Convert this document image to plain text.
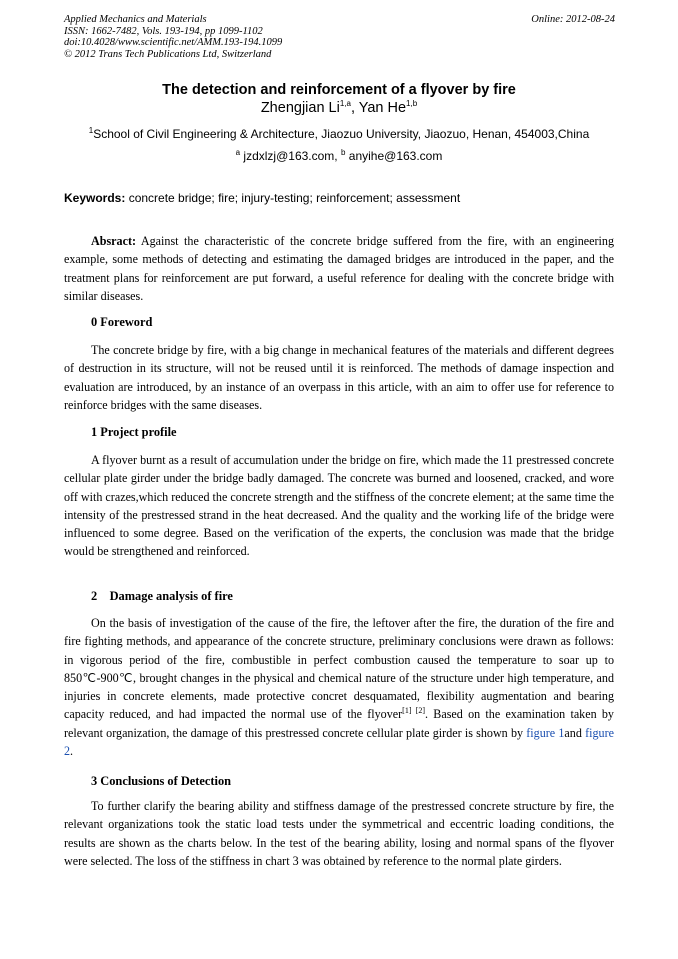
Applied Mechanics and Materials
ISSN: 1662-7482, Vols. 193-194, pp 1099-1102
doi:10.4028/www.scientific.net/AMM.193-194.1099
© 2012 Trans Tech Publications Ltd, Switzerland
Online: 2012-08-24
The detection and reinforcement of a flyover by fire
Zhengjian Li$^{1,a}$, Yan He$^{1,b}$
$^1$School of Civil Engineering & Architecture, Jiaozuo University, Jiaozuo, Henan, 454003,China
$^a$ jzdxlzj@163.com, $^b$ anyihe@163.com
Keywords: concrete bridge; fire; injury-testing; reinforcement; assessment
Absract: Against the characteristic of the concrete bridge suffered from the fire, with an engineering example, some methods of detecting and estimating the damaged bridges are introduced in the paper, and the treatment plans for reinforcement are put forward, a useful reference for dealing with the concrete bridge with similar diseases.
0 Foreword
The concrete bridge by fire, with a big change in mechanical features of the materials and different degrees of destruction in its structure, will not be reused until it is reinforced. The methods of damage inspection and evaluation are introduced, by an instance of an overpass in this article, with an aim to offer use for reference to reinforce bridges with the same diseases.
1 Project profile
A flyover burnt as a result of accumulation under the bridge on fire, which made the 11 prestressed concrete cellular plate girder under the bridge badly damaged. The concrete was burned and loosened, cracked, and wore off with crazes,which reduced the concrete strength and the stiffness of the concrete element; at the same time the intensity of the prestressed strand in the heat decreased. And the quality and the working life of the bridge were influenced to some degree. Based on the verification of the experts, the conclusion was made that the bridge would be strengthened and reinforced.
2    Damage analysis of fire
On the basis of investigation of the cause of the fire, the leftover after the fire, the duration of the fire and fire fighting methods, and appearance of the concrete structure, preliminary conclusions were drawn as follows: in vigorous period of the fire, combustible in perfect combustion caused the temperature to soar up to 850℃-900℃, brought changes in the physical and chemical nature of the structure under high temperature, and injuries in concrete elements, made protective concret desquamated, flexibility augmentation and bearing capacity reduced, and had impacted the normal use of the flyover[1] [2]. Based on the examination taken by relevant organization, the damage of this prestressed concrete cellular plate girder is shown by figure 1and figure 2.
3 Conclusions of Detection
To further clarify the bearing ability and stiffness damage of the prestressed concrete structure by fire, the relevant organizations took the static load tests under the symmetrical and eccentric loading conditions, the results are shown as the charts below. In the test of the bearing ability, losing and normal spans of the flyover were selected. The loss of the stiffness in chart 3 was obtained by reference to the normal plate girders.
